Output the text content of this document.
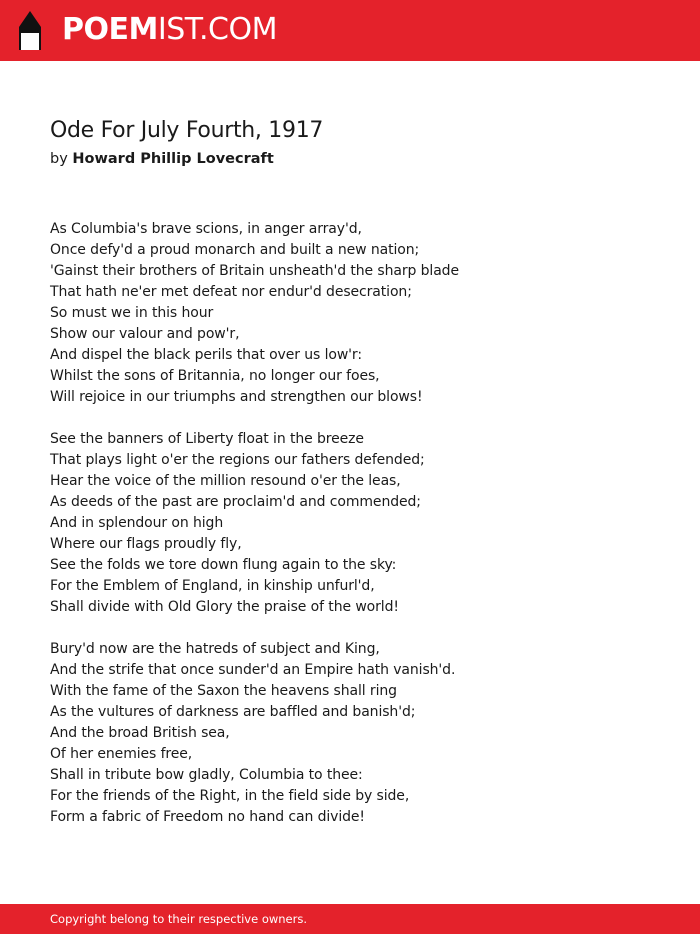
POEMIST.COM
Ode For July Fourth, 1917
by Howard Phillip Lovecraft
As Columbia's brave scions, in anger array'd,
Once defy'd a proud monarch and built a new nation;
'Gainst their brothers of Britain unsheath'd the sharp blade
That hath ne'er met defeat nor endur'd desecration;
So must we in this hour
Show our valour and pow'r,
And dispel the black perils that over us low'r:
Whilst the sons of Britannia, no longer our foes,
Will rejoice in our triumphs and strengthen our blows!
See the banners of Liberty float in the breeze
That plays light o'er the regions our fathers defended;
Hear the voice of the million resound o'er the leas,
As deeds of the past are proclaim'd and commended;
And in splendour on high
Where our flags proudly fly,
See the folds we tore down flung again to the sky:
For the Emblem of England, in kinship unfurl'd,
Shall divide with Old Glory the praise of the world!
Bury'd now are the hatreds of subject and King,
And the strife that once sunder'd an Empire hath vanish'd.
With the fame of the Saxon the heavens shall ring
As the vultures of darkness are baffled and banish'd;
And the broad British sea,
Of her enemies free,
Shall in tribute bow gladly, Columbia to thee:
For the friends of the Right, in the field side by side,
Form a fabric of Freedom no hand can divide!
Copyright belong to their respective owners.
